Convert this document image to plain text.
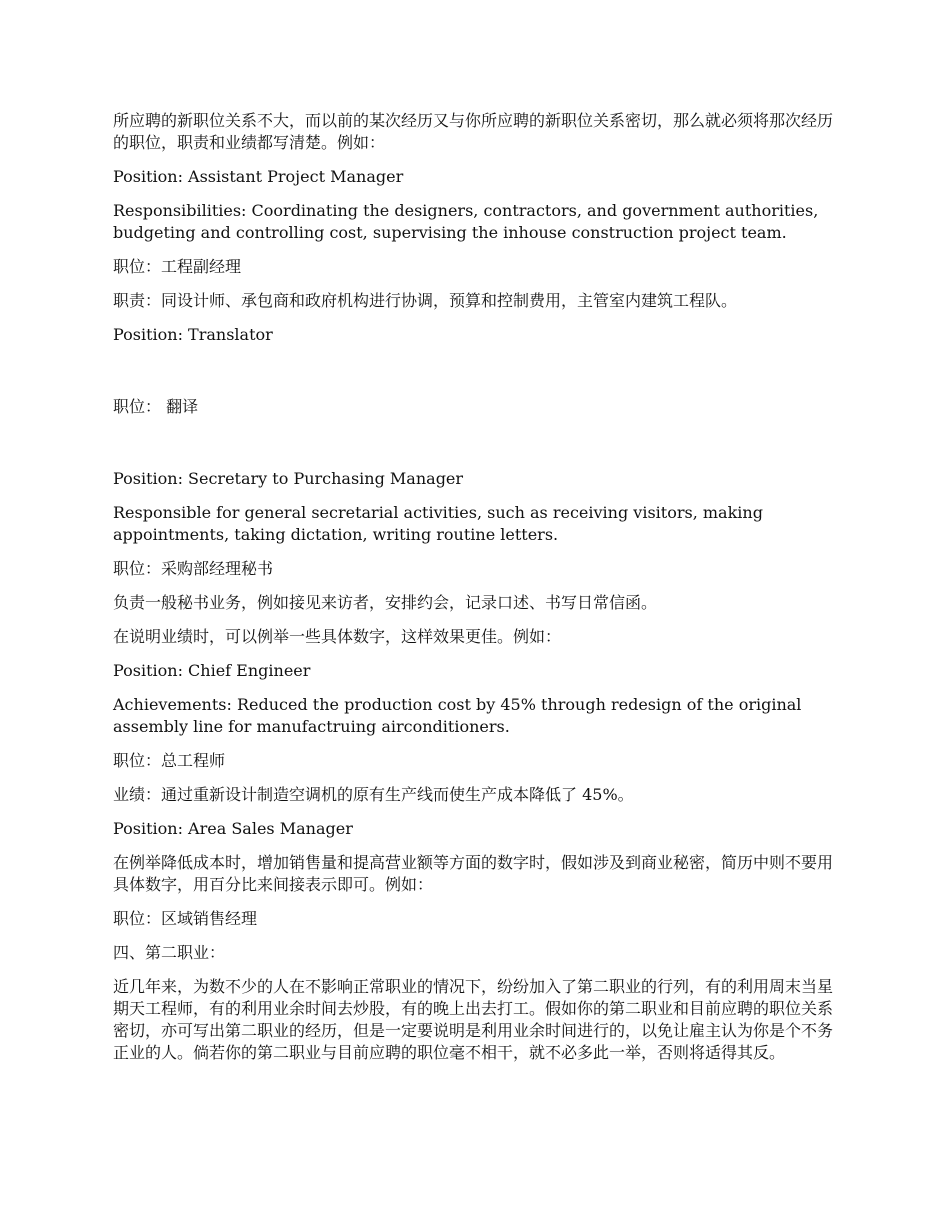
所应聘的新职位关系不大，而以前的某次经历又与你所应聘的新职位关系密切，那么就必须将那次经历的职位，职责和业绩都写清楚。例如：

Position: Assistant Project Manager

Responsibilities: Coordinating the designers, contractors, and government authorities, budgeting and controlling cost, supervising the inhouse construction project team.

职位：工程副经理

职责：同设计师、承包商和政府机构进行协调，预算和控制费用，主管室内建筑工程队。

Position: Translator

职位： 翻译

Position: Secretary to Purchasing Manager

Responsible for general secretarial activities, such as receiving visitors, making appointments, taking dictation, writing routine letters.

职位：采购部经理秘书

负责一般秘书业务，例如接见来访者，安排约会，记录口述、书写日常信函。

在说明业绩时，可以例举一些具体数字，这样效果更佳。例如：

Position: Chief Engineer

Achievements: Reduced the production cost by 45% through redesign of the original assembly line for manufactruing airconditioners.

职位：总工程师

业绩：通过重新设计制造空调机的原有生产线而使生产成本降低了 45%。

Position: Area Sales Manager

在例举降低成本时，增加销售量和提高营业额等方面的数字时，假如涉及到商业秘密，简历中则不要用具体数字，用百分比来间接表示即可。例如：

职位：区域销售经理

四、第二职业：

近几年来，为数不少的人在不影响正常职业的情况下，纷纷加入了第二职业的行列，有的利用周末当星期天工程师，有的利用业余时间去炒股，有的晚上出去打工。假如你的第二职业和目前应聘的职位关系密切，亦可写出第二职业的经历，但是一定要说明是利用业余时间进行的，以免让雇主认为你是个不务正业的人。倘若你的第二职业与目前应聘的职位毫不相干，就不必多此一举，否则将适得其反。
